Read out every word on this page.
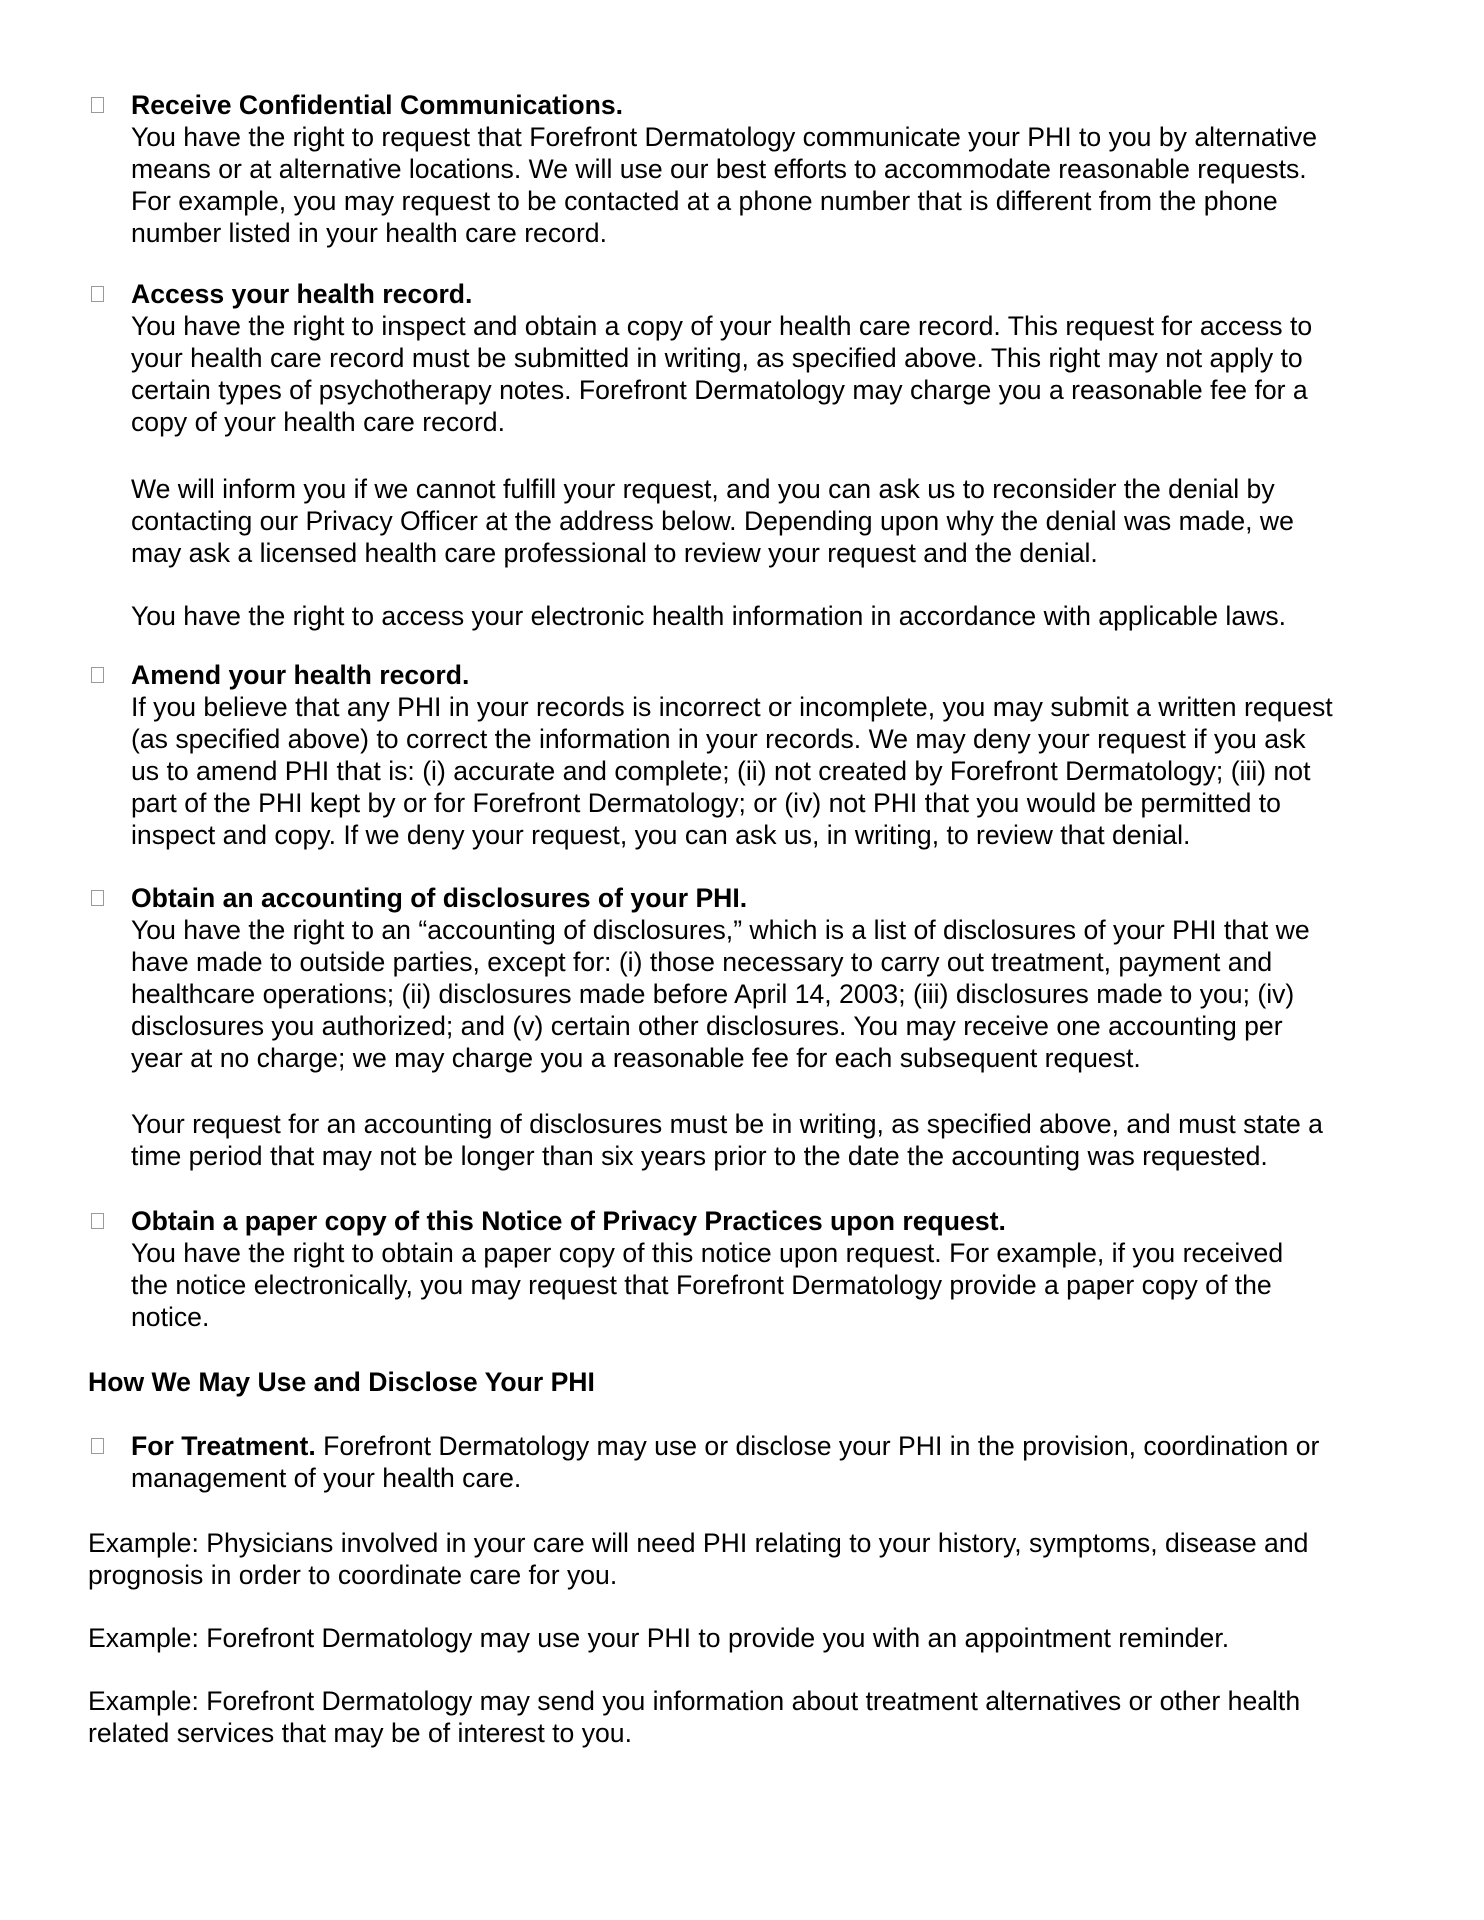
Receive Confidential Communications.
You have the right to request that Forefront Dermatology communicate your PHI to you by alternative
means or at alternative locations. We will use our best efforts to accommodate reasonable requests.
For example, you may request to be contacted at a phone number that is different from the phone
number listed in your health care record.
Access your health record.
You have the right to inspect and obtain a copy of your health care record. This request for access to
your health care record must be submitted in writing, as specified above. This right may not apply to
certain types of psychotherapy notes. Forefront Dermatology may charge you a reasonable fee for a
copy of your health care record.
We will inform you if we cannot fulfill your request, and you can ask us to reconsider the denial by
contacting our Privacy Officer at the address below. Depending upon why the denial was made, we
may ask a licensed health care professional to review your request and the denial.
You have the right to access your electronic health information in accordance with applicable laws.
Amend your health record.
If you believe that any PHI in your records is incorrect or incomplete, you may submit a written request
(as specified above) to correct the information in your records. We may deny your request if you ask
us to amend PHI that is: (i) accurate and complete; (ii) not created by Forefront Dermatology; (iii) not
part of the PHI kept by or for Forefront Dermatology; or (iv) not PHI that you would be permitted to
inspect and copy. If we deny your request, you can ask us, in writing, to review that denial.
Obtain an accounting of disclosures of your PHI.
You have the right to an “accounting of disclosures,” which is a list of disclosures of your PHI that we
have made to outside parties, except for: (i) those necessary to carry out treatment, payment and
healthcare operations; (ii) disclosures made before April 14, 2003; (iii) disclosures made to you; (iv)
disclosures you authorized; and (v) certain other disclosures. You may receive one accounting per
year at no charge; we may charge you a reasonable fee for each subsequent request.
Your request for an accounting of disclosures must be in writing, as specified above, and must state a
time period that may not be longer than six years prior to the date the accounting was requested.
Obtain a paper copy of this Notice of Privacy Practices upon request.
You have the right to obtain a paper copy of this notice upon request. For example, if you received
the notice electronically, you may request that Forefront Dermatology provide a paper copy of the
notice.
How We May Use and Disclose Your PHI
For Treatment. Forefront Dermatology may use or disclose your PHI in the provision, coordination or
management of your health care.
Example: Physicians involved in your care will need PHI relating to your history, symptoms, disease and
prognosis in order to coordinate care for you.
Example: Forefront Dermatology may use your PHI to provide you with an appointment reminder.
Example: Forefront Dermatology may send you information about treatment alternatives or other health
related services that may be of interest to you.
